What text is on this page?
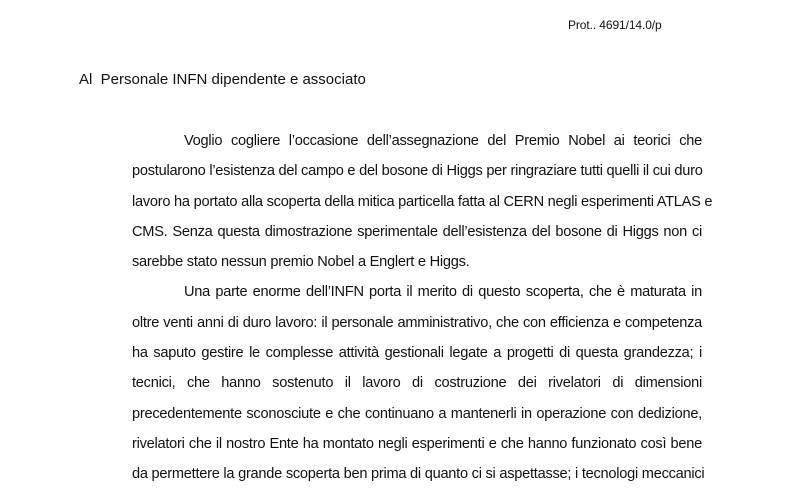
Prot.. 4691/14.0/p
Al  Personale INFN dipendente e associato
Voglio cogliere l’occasione dell’assegnazione del Premio Nobel ai teorici che
postularono l’esistenza del campo e del bosone di Higgs per ringraziare tutti quelli il cui duro
lavoro ha portato alla scoperta della mitica particella fatta al CERN negli esperimenti ATLAS e
CMS. Senza questa dimostrazione sperimentale dell’esistenza del bosone di Higgs non ci
sarebbe stato nessun premio Nobel a Englert e Higgs.
Una parte enorme dell’INFN porta il merito di questo scoperta, che è maturata in
oltre venti anni di duro lavoro: il personale amministrativo, che con efficienza e competenza
ha saputo gestire le complesse attività gestionali legate a progetti di questa grandezza; i
tecnici, che hanno sostenuto il lavoro di costruzione dei rivelatori di dimensioni
precedentemente sconosciute e che continuano a mantenerli in operazione con dedizione,
rivelatori che il nostro Ente ha montato negli esperimenti e che hanno funzionato così bene
da permettere la grande scoperta ben prima di quanto ci si aspettasse; i tecnologi meccanici
